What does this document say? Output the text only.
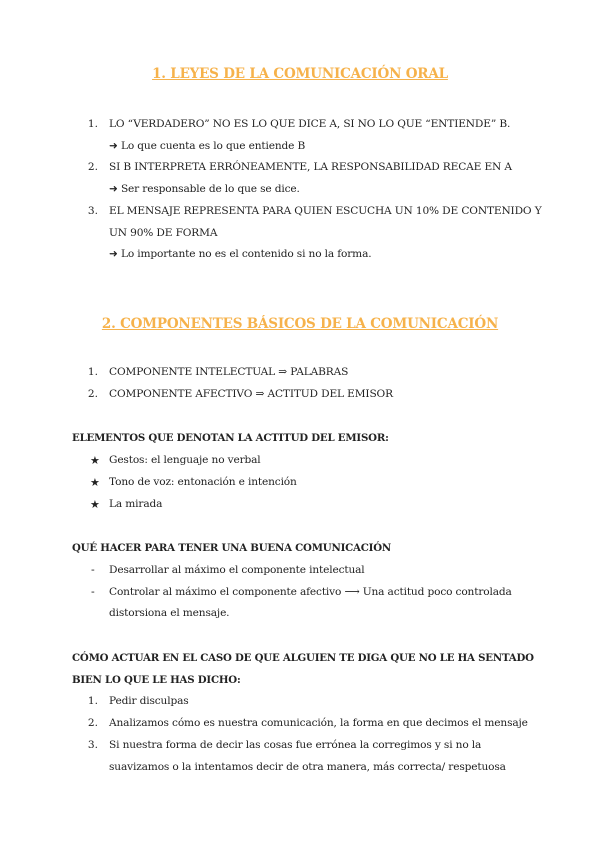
1. LEYES DE LA COMUNICACIÓN ORAL
1. LO “VERDADERO” NO ES LO QUE DICE A, SI NO LO QUE “ENTIENDE” B.
➜ Lo que cuenta es lo que entiende B
2. SI B INTERPRETA ERRÓNEAMENTE, LA RESPONSABILIDAD RECAE EN A
➜ Ser responsable de lo que se dice.
3. EL MENSAJE REPRESENTA PARA QUIEN ESCUCHA UN 10% DE CONTENIDO Y
UN 90% DE FORMA
➜ Lo importante no es el contenido si no la forma.
2. COMPONENTES BÁSICOS DE LA COMUNICACIÓN
1. COMPONENTE INTELECTUAL ⇒ PALABRAS
2. COMPONENTE AFECTIVO ⇒ ACTITUD DEL EMISOR
ELEMENTOS QUE DENOTAN LA ACTITUD DEL EMISOR:
★ Gestos: el lenguaje no verbal
★ Tono de voz: entonación e intención
★ La mirada
QUÉ HACER PARA TENER UNA BUENA COMUNICACIÓN
- Desarrollar al máximo el componente intelectual
- Controlar al máximo el componente afectivo ⟶ Una actitud poco controlada
distorsiona el mensaje.
CÓMO ACTUAR EN EL CASO DE QUE ALGUIEN TE DIGA QUE NO LE HA SENTADO
BIEN LO QUE LE HAS DICHO:
1. Pedir disculpas
2. Analizamos cómo es nuestra comunicación, la forma en que decimos el mensaje
3. Si nuestra forma de decir las cosas fue errónea la corregimos y si no la
suavizamos o la intentamos decir de otra manera, más correcta/ respetuosa
